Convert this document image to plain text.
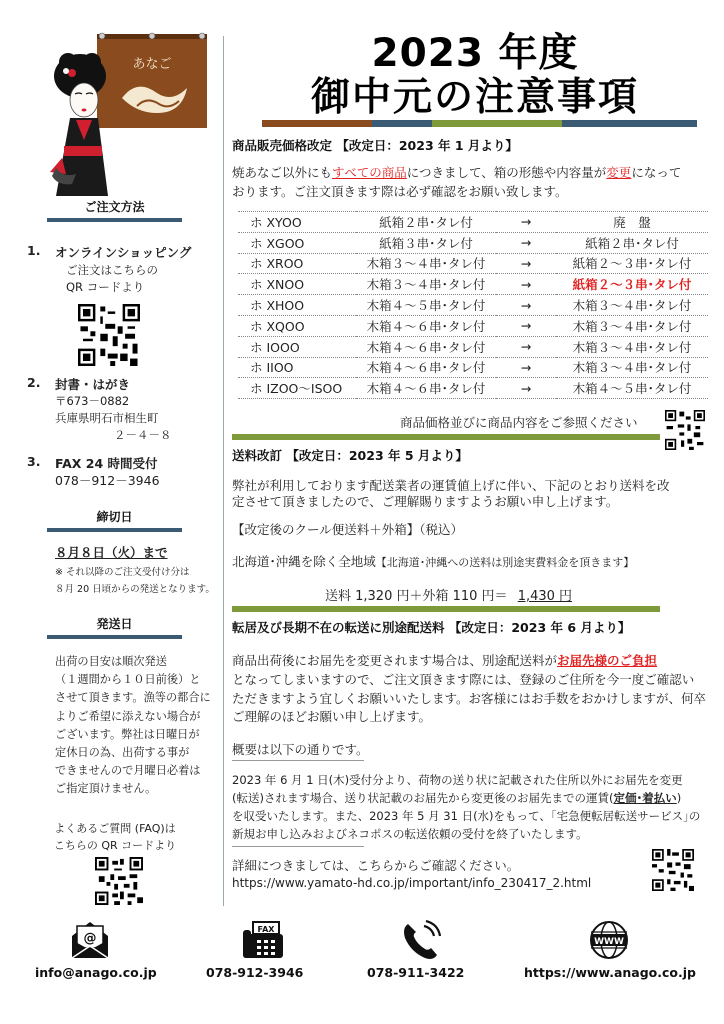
あなご
ご注文方法
1. オンラインショッピング
ご注文はこちらの
QR コードより
2. 封書・はがき
〒673－0882
兵庫県明石市相生町
２－４－８
3. FAX 24 時間受付
078－912－3946
締切日
８月８日（火）まで
※ それ以降のご注文受付け分は
８月 20 日頃からの発送となります。
発送日
出荷の目安は順次発送
（１週間から１０日前後）と
させて頂きます。漁等の都合に
よりご希望に添えない場合が
ございます。弊社は日曜日が
定休日の為、出荷する事が
できませんので月曜日必着は
ご指定頂けません。
よくあるご質問 (FAQ)は
こちらの QR コードより
2023 年度
御中元の注意事項
商品販売価格改定 【改定日：2023 年 1 月より】
焼あなご以外にもすべての商品につきまして、箱の形態や内容量が変更になって
おります。ご注文頂きます際は必ず確認をお願い致します。
ホ XYOO	紙箱２串･タレ付	→	廃　盤
ホ XGOO	紙箱３串･タレ付	→	紙箱２串･タレ付
ホ XROO	木箱３～４串･タレ付	→	紙箱２～３串･タレ付
ホ XNOO	木箱３～４串･タレ付	→	紙箱２～３串･タレ付
ホ XHOO	木箱４～５串･タレ付	→	木箱３～４串･タレ付
ホ XQOO	木箱４～６串･タレ付	→	木箱３～４串･タレ付
ホ IOOO	木箱４～６串･タレ付	→	木箱３～４串･タレ付
ホ IIOO	木箱４～６串･タレ付	→	木箱３～４串･タレ付
ホ IZOO～ISOO	木箱４～６串･タレ付	→	木箱４～５串･タレ付
商品価格並びに商品内容をご参照ください
送料改訂 【改定日：2023 年 5 月より】
弊社が利用しております配送業者の運賃値上げに伴い、下記のとおり送料を改
定させて頂きましたので、ご理解賜りますようお願い申し上げます。
【改定後のクール便送料＋外箱】（税込）
北海道･沖縄を除く全地域【北海道･沖縄への送料は別途実費料金を頂きます】
送料 1,320 円＋外箱 110 円＝ 1,430 円
転居及び長期不在の転送に別途配送料 【改定日：2023 年 6 月より】
商品出荷後にお届先を変更されます場合は、別途配送料がお届先様のご負担
となってしまいますので、ご注文頂きます際には、登録のご住所を今一度ご確認い
ただきますよう宜しくお願いいたします。お客様にはお手数をおかけしますが、何卒
ご理解のほどお願い申し上げます。
概要は以下の通りです。
2023 年 6 月 1 日(木)受付分より、荷物の送り状に記載された住所以外にお届先を変更
(転送)されます場合、送り状記載のお届先から変更後のお届先までの運賃(定価･着払い)
を収受いたします。また、2023 年 5 月 31 日(水)をもって、｢宅急便転居転送サービス｣の
新規お申し込みおよびネコポスの転送依頼の受付を終了いたします。
詳細につきましては、こちらからご確認ください。
https://www.yamato-hd.co.jp/important/info_230417_2.html
@
info@anago.co.jp
FAX
078-912-3946	078-911-3422
WWW
https://www.anago.co.jp
